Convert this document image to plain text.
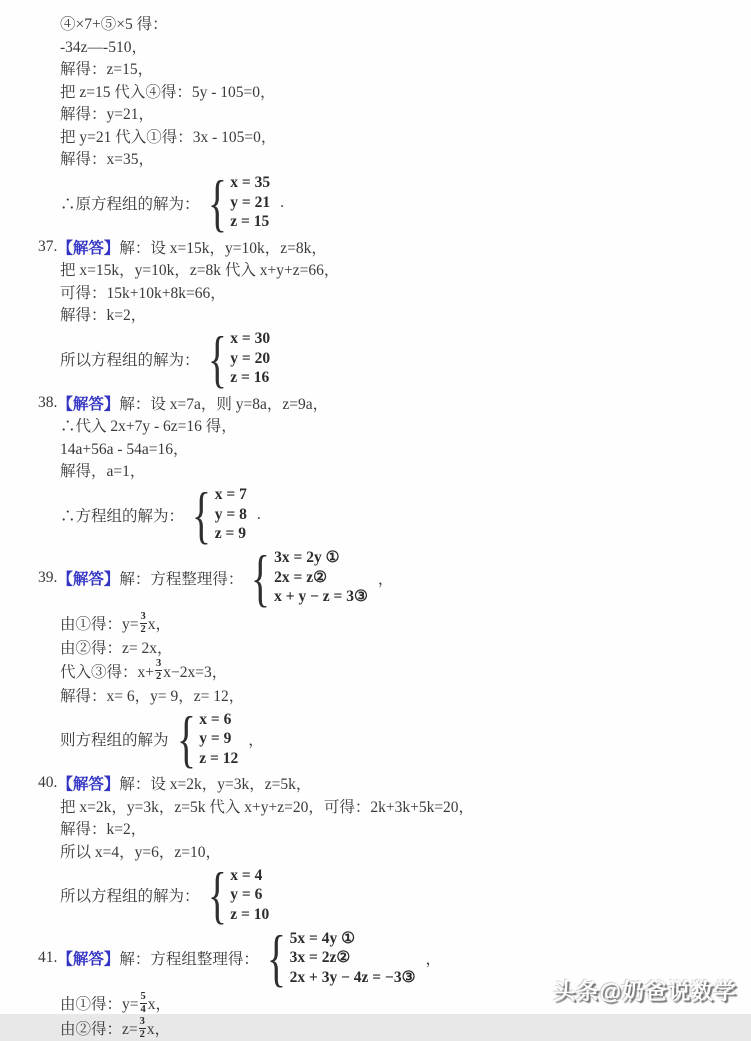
④×7+⑤×5 得：
-34z—-510，
解得：z=15，
把 z=15 代入④得：5y - 105=0，
解得：y=21，
把 y=21 代入①得：3x - 105=0，
解得：x=35，
∴原方程组的解为： { x = 35
y = 21
z = 15
.
37. 【解答】 解：设 x=15k，y=10k，z=8k，
把 x=15k，y=10k，z=8k 代入 x+y+z=66，
可得：15k+10k+8k=66，
解得：k=2，
所以方程组的解为： { x = 30
y = 20
z = 16
38. 【解答】 解：设 x=7a，则 y=8a，z=9a，
∴代入 2x+7y - 6z=16 得，
14a+56a - 54a=16，
解得，a=1，
∴方程组的解为： { x = 7
y = 8
z = 9
.
39. 【解答】 解：方程整理得： { 3x = 2y ①
2x = z②
x + y − z = 3③
，
由①得：$y= \frac{3}{2}$ x，
由②得：z= 2x，
代入③得：$x+ \frac{3}{2} x-2x=3$，
解得：x= 6，y= 9，z= 12，
则方程组的解为 { x = 6
y = 9
z = 12
，
40. 【解答】 解：设 x=2k，y=3k，z=5k，
把 x=2k，y=3k，z=5k 代入 x+y+z=20，可得：2k+3k+5k=20，
解得：k=2，
所以 x=4，y=6，z=10，
所以方程组的解为： { x = 4
y = 6
z = 10
41. 【解答】 解：方程组整理得： { 5x = 4y ①
3x = 2z②
2x + 3y − 4z = −3③
，
由①得：$y= \frac{5}{4}$ x，
由②得：$z= \frac{3}{2}$ x，
头条@奶爸说数学
